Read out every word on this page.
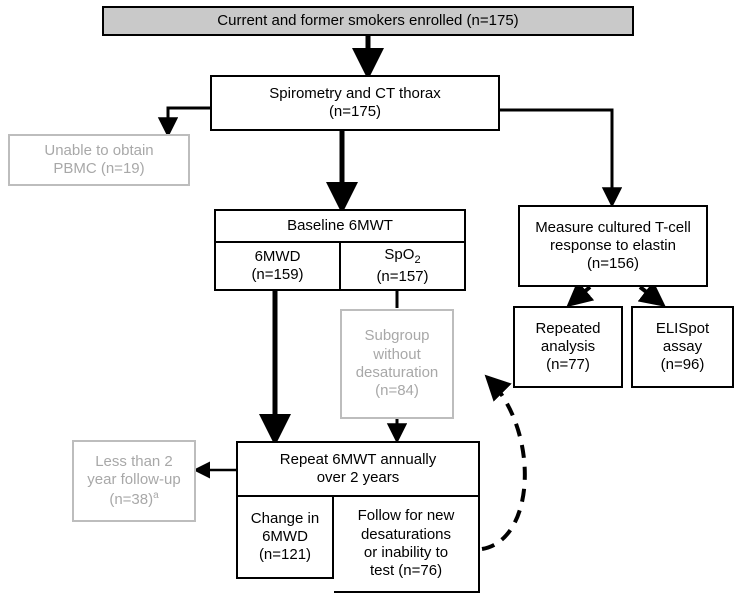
Current and former smokers enrolled (n=175)
Spirometry and CT thorax
(n=175)
Unable to obtain
PBMC (n=19)
Baseline 6MWT
6MWD
(n=159)
SpO$_2$
(n=157)
Measure cultured T-cell
response to elastin
(n=156)
Repeated
analysis
(n=77)
ELISpot
assay
(n=96)
Subgroup
without
desaturation
(n=84)
Less than 2
year follow-up
(n=38)$^a$
Repeat 6MWT annually
over 2 years
Change in
6MWD
(n=121)
Follow for new
desaturations
or inability to
test (n=76)
